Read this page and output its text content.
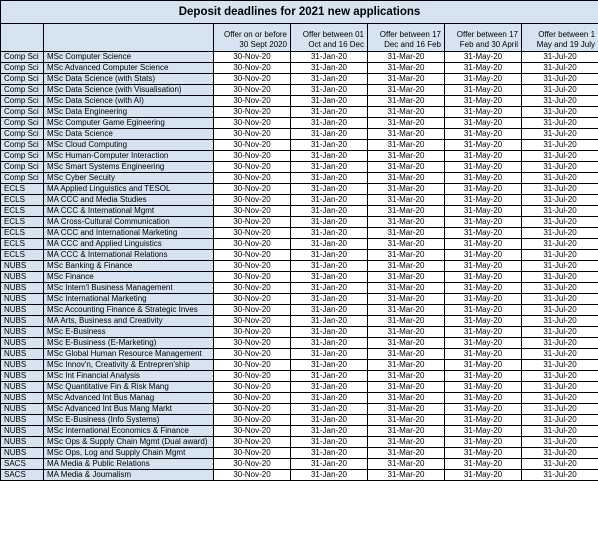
Deposit deadlines for 2021 new applications						
		Offer on or before 30 Sept 2020	Offer between 01 Oct and 16 Dec	Offer between 17 Dec and 16 Feb	Offer between 17 Feb and 30 April	Offer between 1 May and 19 July
Comp Sci	MSc Computer Science	30-Nov-20	31-Jan-20	31-Mar-20	31-May-20	31-Jul-20
Comp Sci	MSc Advanced Computer Science	30-Nov-20	31-Jan-20	31-Mar-20	31-May-20	31-Jul-20
Comp Sci	MSc Data Science (with Stats)	30-Nov-20	31-Jan-20	31-Mar-20	31-May-20	31-Jul-20
Comp Sci	MSc Data Science (with Visualisation)	30-Nov-20	31-Jan-20	31-Mar-20	31-May-20	31-Jul-20
Comp Sci	MSc Data Science (with AI)	30-Nov-20	31-Jan-20	31-Mar-20	31-May-20	31-Jul-20
Comp Sci	MSc Data Engineering	30-Nov-20	31-Jan-20	31-Mar-20	31-May-20	31-Jul-20
Comp Sci	MSc Computer Game Egineering	30-Nov-20	31-Jan-20	31-Mar-20	31-May-20	31-Jul-20
Comp Sci	MSc Data Science	30-Nov-20	31-Jan-20	31-Mar-20	31-May-20	31-Jul-20
Comp Sci	MSc Cloud Computing	30-Nov-20	31-Jan-20	31-Mar-20	31-May-20	31-Jul-20
Comp Sci	MSc Human-Computer Interaction	30-Nov-20	31-Jan-20	31-Mar-20	31-May-20	31-Jul-20
Comp Sci	MSc Smart Systems Engineering	30-Nov-20	31-Jan-20	31-Mar-20	31-May-20	31-Jul-20
Comp Sci	MSc Cyber Secuity	30-Nov-20	31-Jan-20	31-Mar-20	31-May-20	31-Jul-20
ECLS	MA Applied Linguistics and TESOL	30-Nov-20	31-Jan-20	31-Mar-20	31-May-20	31-Jul-20
ECLS	MA CCC and Media Studies	30-Nov-20	31-Jan-20	31-Mar-20	31-May-20	31-Jul-20
ECLS	MA CCC & International Mgmt	30-Nov-20	31-Jan-20	31-Mar-20	31-May-20	31-Jul-20
ECLS	MA Cross-Cultural Communication	30-Nov-20	31-Jan-20	31-Mar-20	31-May-20	31-Jul-20
ECLS	MA CCC and International Marketing	30-Nov-20	31-Jan-20	31-Mar-20	31-May-20	31-Jul-20
ECLS	MA CCC and Applied Linguistics	30-Nov-20	31-Jan-20	31-Mar-20	31-May-20	31-Jul-20
ECLS	MA CCC & International Relations	30-Nov-20	31-Jan-20	31-Mar-20	31-May-20	31-Jul-20
NUBS	MSc Banking & Finance	30-Nov-20	31-Jan-20	31-Mar-20	31-May-20	31-Jul-20
NUBS	MSc Finance	30-Nov-20	31-Jan-20	31-Mar-20	31-May-20	31-Jul-20
NUBS	MSc Intern'l Business Management	30-Nov-20	31-Jan-20	31-Mar-20	31-May-20	31-Jul-20
NUBS	MSc International Marketing	30-Nov-20	31-Jan-20	31-Mar-20	31-May-20	31-Jul-20
NUBS	MSc Accounting Finance & Strategic Inves	30-Nov-20	31-Jan-20	31-Mar-20	31-May-20	31-Jul-20
NUBS	MA Arts, Business and Creativity	30-Nov-20	31-Jan-20	31-Mar-20	31-May-20	31-Jul-20
NUBS	MSc E-Business	30-Nov-20	31-Jan-20	31-Mar-20	31-May-20	31-Jul-20
NUBS	MSc E-Business (E-Marketing)	30-Nov-20	31-Jan-20	31-Mar-20	31-May-20	31-Jul-20
NUBS	MSc Global Human Resource Management	30-Nov-20	31-Jan-20	31-Mar-20	31-May-20	31-Jul-20
NUBS	MSc Innov'n, Creativity & Entrepren'ship	30-Nov-20	31-Jan-20	31-Mar-20	31-May-20	31-Jul-20
NUBS	MSc Int Financial Analysis	30-Nov-20	31-Jan-20	31-Mar-20	31-May-20	31-Jul-20
NUBS	MSc Quantitative Fin & Risk Mang	30-Nov-20	31-Jan-20	31-Mar-20	31-May-20	31-Jul-20
NUBS	MSc Advanced Int Bus Manag	30-Nov-20	31-Jan-20	31-Mar-20	31-May-20	31-Jul-20
NUBS	MSc Advanced Int Bus Mang Markt	30-Nov-20	31-Jan-20	31-Mar-20	31-May-20	31-Jul-20
NUBS	MSc E-Business (Info Systems)	30-Nov-20	31-Jan-20	31-Mar-20	31-May-20	31-Jul-20
NUBS	MSc International Economics & Finance	30-Nov-20	31-Jan-20	31-Mar-20	31-May-20	31-Jul-20
NUBS	MSc Ops & Supply Chain Mgmt (Dual award)	30-Nov-20	31-Jan-20	31-Mar-20	31-May-20	31-Jul-20
NUBS	MSc Ops, Log and Supply Chain Mgmt	30-Nov-20	31-Jan-20	31-Mar-20	31-May-20	31-Jul-20
SACS	MA Media & Public Relations	30-Nov-20	31-Jan-20	31-Mar-20	31-May-20	31-Jul-20
SACS	MA Media & Journalism	30-Nov-20	31-Jan-20	31-Mar-20	31-May-20	31-Jul-20
